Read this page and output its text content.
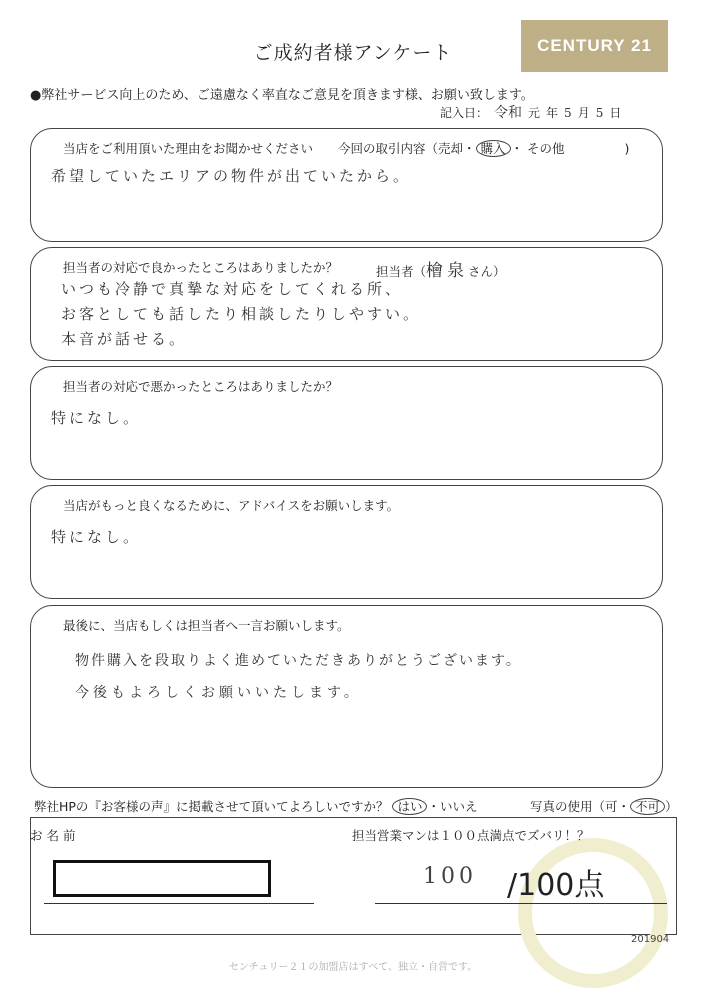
ご成約者様アンケート	CENTURY 21
●弊社サービス向上のため、ご遠慮なく率直なご意見を頂きます様、お願い致します。
記入日： 令和 元 年 5 月 5 日
当店をご利用頂いた理由をお聞かせください 今回の取引内容（売却・ 購入 ・ その他	)
希望していたエリアの物件が出ていたから。
担当者の対応で良かったところはありましたか？	担当者（檜泉さん）
いつも冷静で真摯な対応をしてくれる所、
お客としても話したり相談したりしやすい。
本音が話せる。
担当者の対応で悪かったところはありましたか？
特になし。
当店がもっと良くなるために、アドバイスをお願いします。
特になし。
最後に、当店もしくは担当者へ一言お願いします。
物件購入を段取りよく進めていただきありがとうございます。
今後もよろしくお願いいたします。
弊社HPの『お客様の声』に掲載させて頂いてよろしいですか？ はい ・いいえ	写真の使用（可・ 不可 ）
お 名 前	担当営業マンは１００点満点でズバリ！？
100 /100点
201904
センチュリー２１の加盟店はすべて、独立・自営です。
